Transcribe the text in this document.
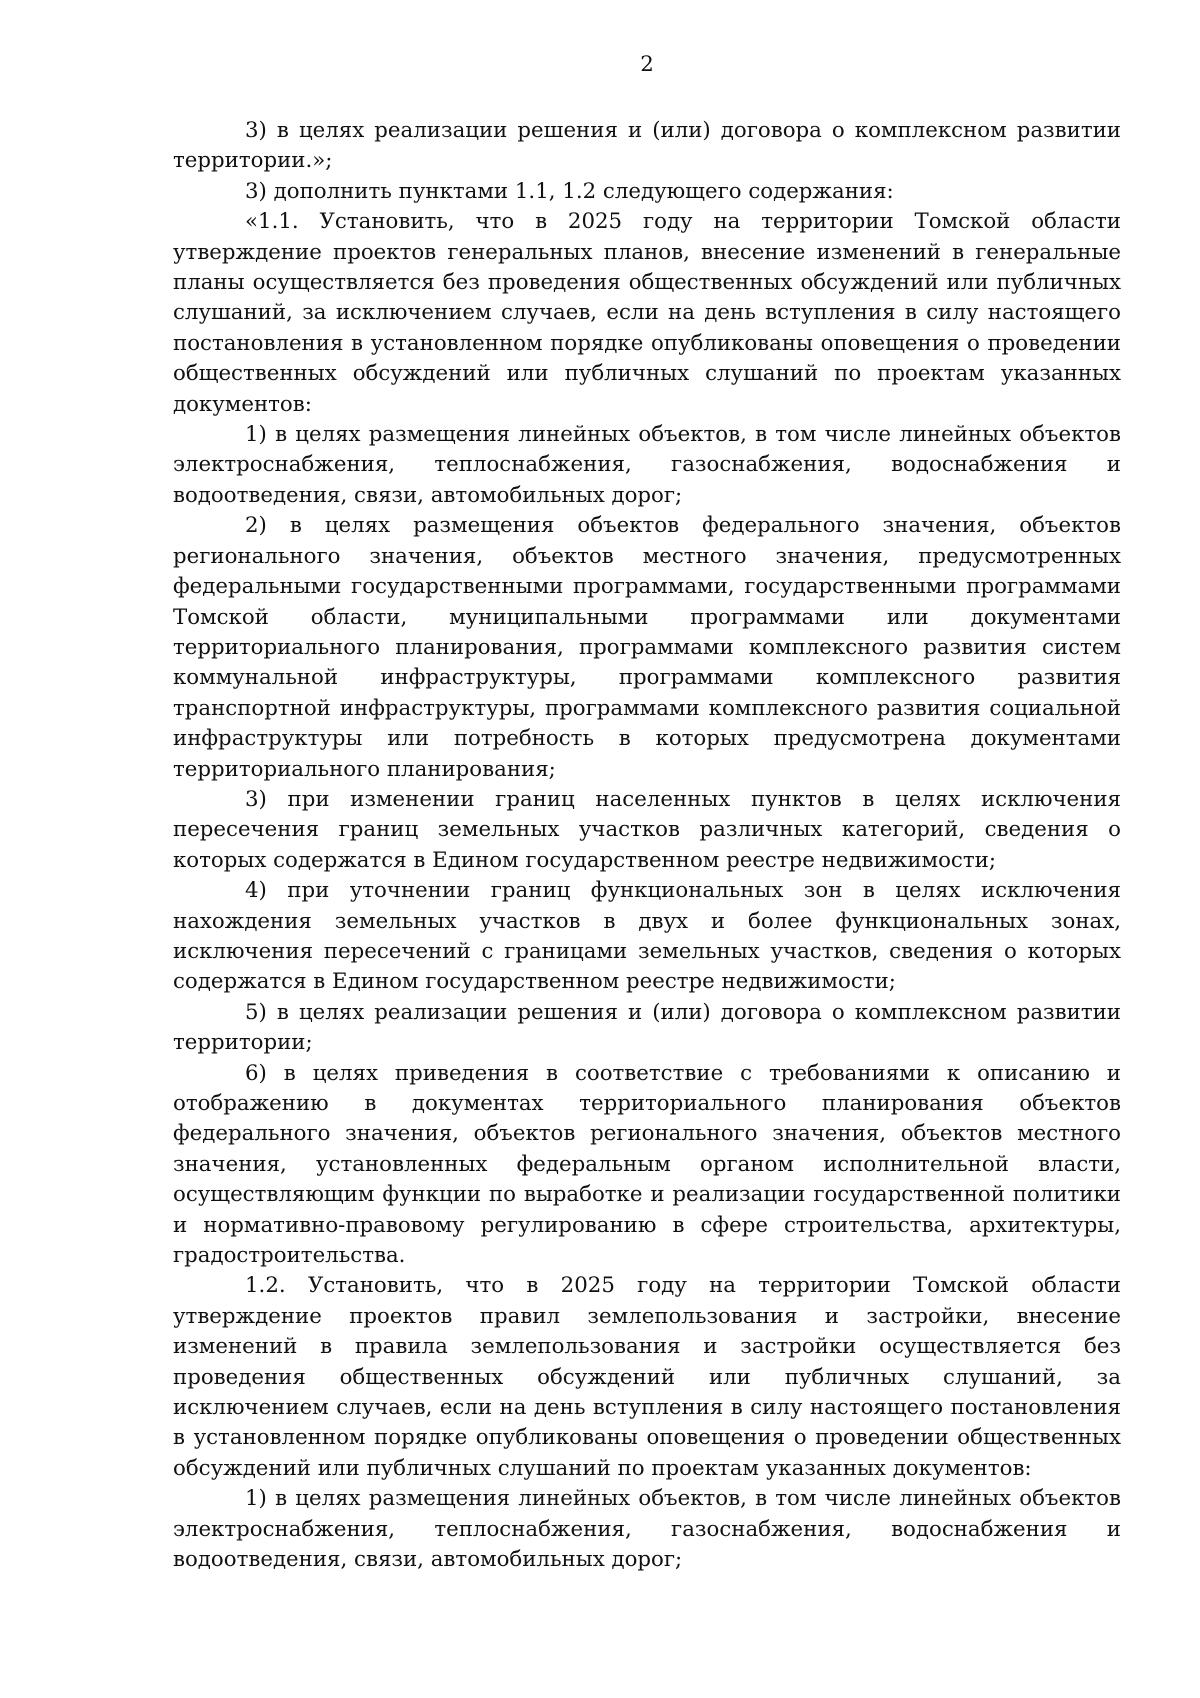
2

3) в целях реализации решения и (или) договора о комплексном развитии территории.»;

3) дополнить пунктами 1.1, 1.2 следующего содержания:

«1.1. Установить, что в 2025 году на территории Томской области утверждение проектов генеральных планов, внесение изменений в генеральные планы осуществляется без проведения общественных обсуждений или публичных слушаний, за исключением случаев, если на день вступления в силу настоящего постановления в установленном порядке опубликованы оповещения о проведении общественных обсуждений или публичных слушаний по проектам указанных документов:

1) в целях размещения линейных объектов, в том числе линейных объектов электроснабжения, теплоснабжения, газоснабжения, водоснабжения и водоотведения, связи, автомобильных дорог;

2) в целях размещения объектов федерального значения, объектов регионального значения, объектов местного значения, предусмотренных федеральными государственными программами, государственными программами Томской области, муниципальными программами или документами территориального планирования, программами комплексного развития систем коммунальной инфраструктуры, программами комплексного развития транспортной инфраструктуры, программами комплексного развития социальной инфраструктуры или потребность в которых предусмотрена документами территориального планирования;

3) при изменении границ населенных пунктов в целях исключения пересечения границ земельных участков различных категорий, сведения о которых содержатся в Едином государственном реестре недвижимости;

4) при уточнении границ функциональных зон в целях исключения нахождения земельных участков в двух и более функциональных зонах, исключения пересечений с границами земельных участков, сведения о которых содержатся в Едином государственном реестре недвижимости;

5) в целях реализации решения и (или) договора о комплексном развитии территории;

6) в целях приведения в соответствие с требованиями к описанию и отображению в документах территориального планирования объектов федерального значения, объектов регионального значения, объектов местного значения, установленных федеральным органом исполнительной власти, осуществляющим функции по выработке и реализации государственной политики и нормативно-правовому регулированию в сфере строительства, архитектуры, градостроительства.

1.2. Установить, что в 2025 году на территории Томской области утверждение проектов правил землепользования и застройки, внесение изменений в правила землепользования и застройки осуществляется без проведения общественных обсуждений или публичных слушаний, за исключением случаев, если на день вступления в силу настоящего постановления в установленном порядке опубликованы оповещения о проведении общественных обсуждений или публичных слушаний по проектам указанных документов:

1) в целях размещения линейных объектов, в том числе линейных объектов электроснабжения, теплоснабжения, газоснабжения, водоснабжения и водоотведения, связи, автомобильных дорог;
